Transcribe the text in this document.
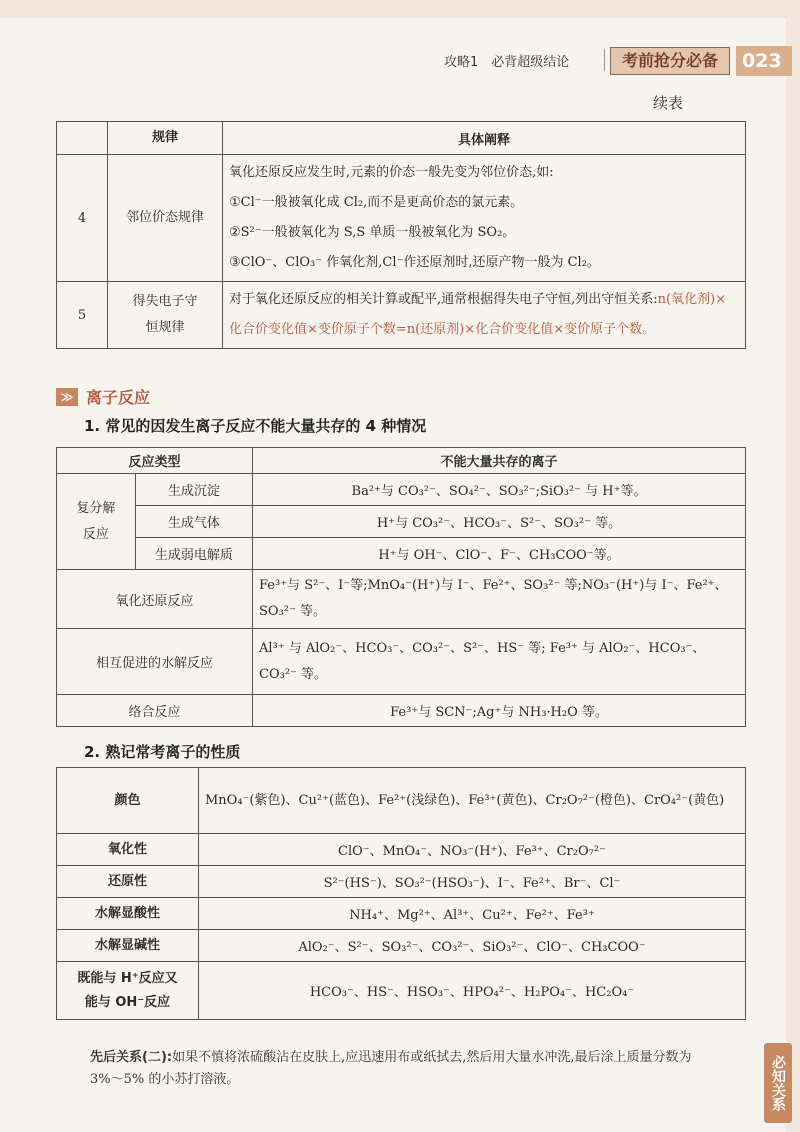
攻略1　必背超级结论	考前抢分必备	023
续表
	规律	具体阐释
4	邻位价态规律	氧化还原反应发生时,元素的价态一般先变为邻位价态,如:
①Cl⁻一般被氧化成 Cl₂,而不是更高价态的氯元素。
②S²⁻一般被氧化为 S,S 单质一般被氧化为 SO₂。
③ClO⁻、ClO₃⁻ 作氧化剂,Cl⁻作还原剂时,还原产物一般为 Cl₂。

5	得失电子守恒规律	对于氧化还原反应的相关计算或配平,通常根据得失电子守恒,列出守恒关系:n(氧化剂)×化合价变化值×变价原子个数=n(还原剂)×化合价变化值×变价原子个数。
≫ 离子反应
1. 常见的因发生离子反应不能大量共存的 4 种情况
反应类型		不能大量共存的离子
复分解反应	生成沉淀	Ba²⁺与 CO₃²⁻、SO₄²⁻、SO₃²⁻;SiO₃²⁻ 与 H⁺等。
	生成气体	H⁺与 CO₃²⁻、HCO₃⁻、S²⁻、SO₃²⁻ 等。
	生成弱电解质	H⁺与 OH⁻、ClO⁻、F⁻、CH₃COO⁻等。
氧化还原反应		Fe³⁺与 S²⁻、I⁻等;MnO₄⁻(H⁺)与 I⁻、Fe²⁺、SO₃²⁻ 等;NO₃⁻(H⁺)与 I⁻、Fe²⁺、SO₃²⁻ 等。
相互促进的水解反应		Al³⁺ 与 AlO₂⁻、HCO₃⁻、CO₃²⁻、S²⁻、HS⁻ 等; Fe³⁺ 与 AlO₂⁻、HCO₃⁻、CO₃²⁻ 等。
络合反应		Fe³⁺与 SCN⁻;Ag⁺与 NH₃·H₂O 等。
2. 熟记常考离子的性质
颜色	MnO₄⁻(紫色)、Cu²⁺(蓝色)、Fe²⁺(浅绿色)、Fe³⁺(黄色)、Cr₂O₇²⁻(橙色)、CrO₄²⁻(黄色)
氧化性	ClO⁻、MnO₄⁻、NO₃⁻(H⁺)、Fe³⁺、Cr₂O₇²⁻
还原性	S²⁻(HS⁻)、SO₃²⁻(HSO₃⁻)、I⁻、Fe²⁺、Br⁻、Cl⁻
水解显酸性	NH₄⁺、Mg²⁺、Al³⁺、Cu²⁺、Fe²⁺、Fe³⁺
水解显碱性	AlO₂⁻、S²⁻、SO₃²⁻、CO₃²⁻、SiO₃²⁻、ClO⁻、CH₃COO⁻
既能与 H⁺反应又能与 OH⁻反应	HCO₃⁻、HS⁻、HSO₃⁻、HPO₄²⁻、H₂PO₄⁻、HC₂O₄⁻
先后关系(二):如果不慎将浓硫酸沾在皮肤上,应迅速用布或纸拭去,然后用大量水冲洗,最后涂上质量分数为 3%～5% 的小苏打溶液。	必知关系
